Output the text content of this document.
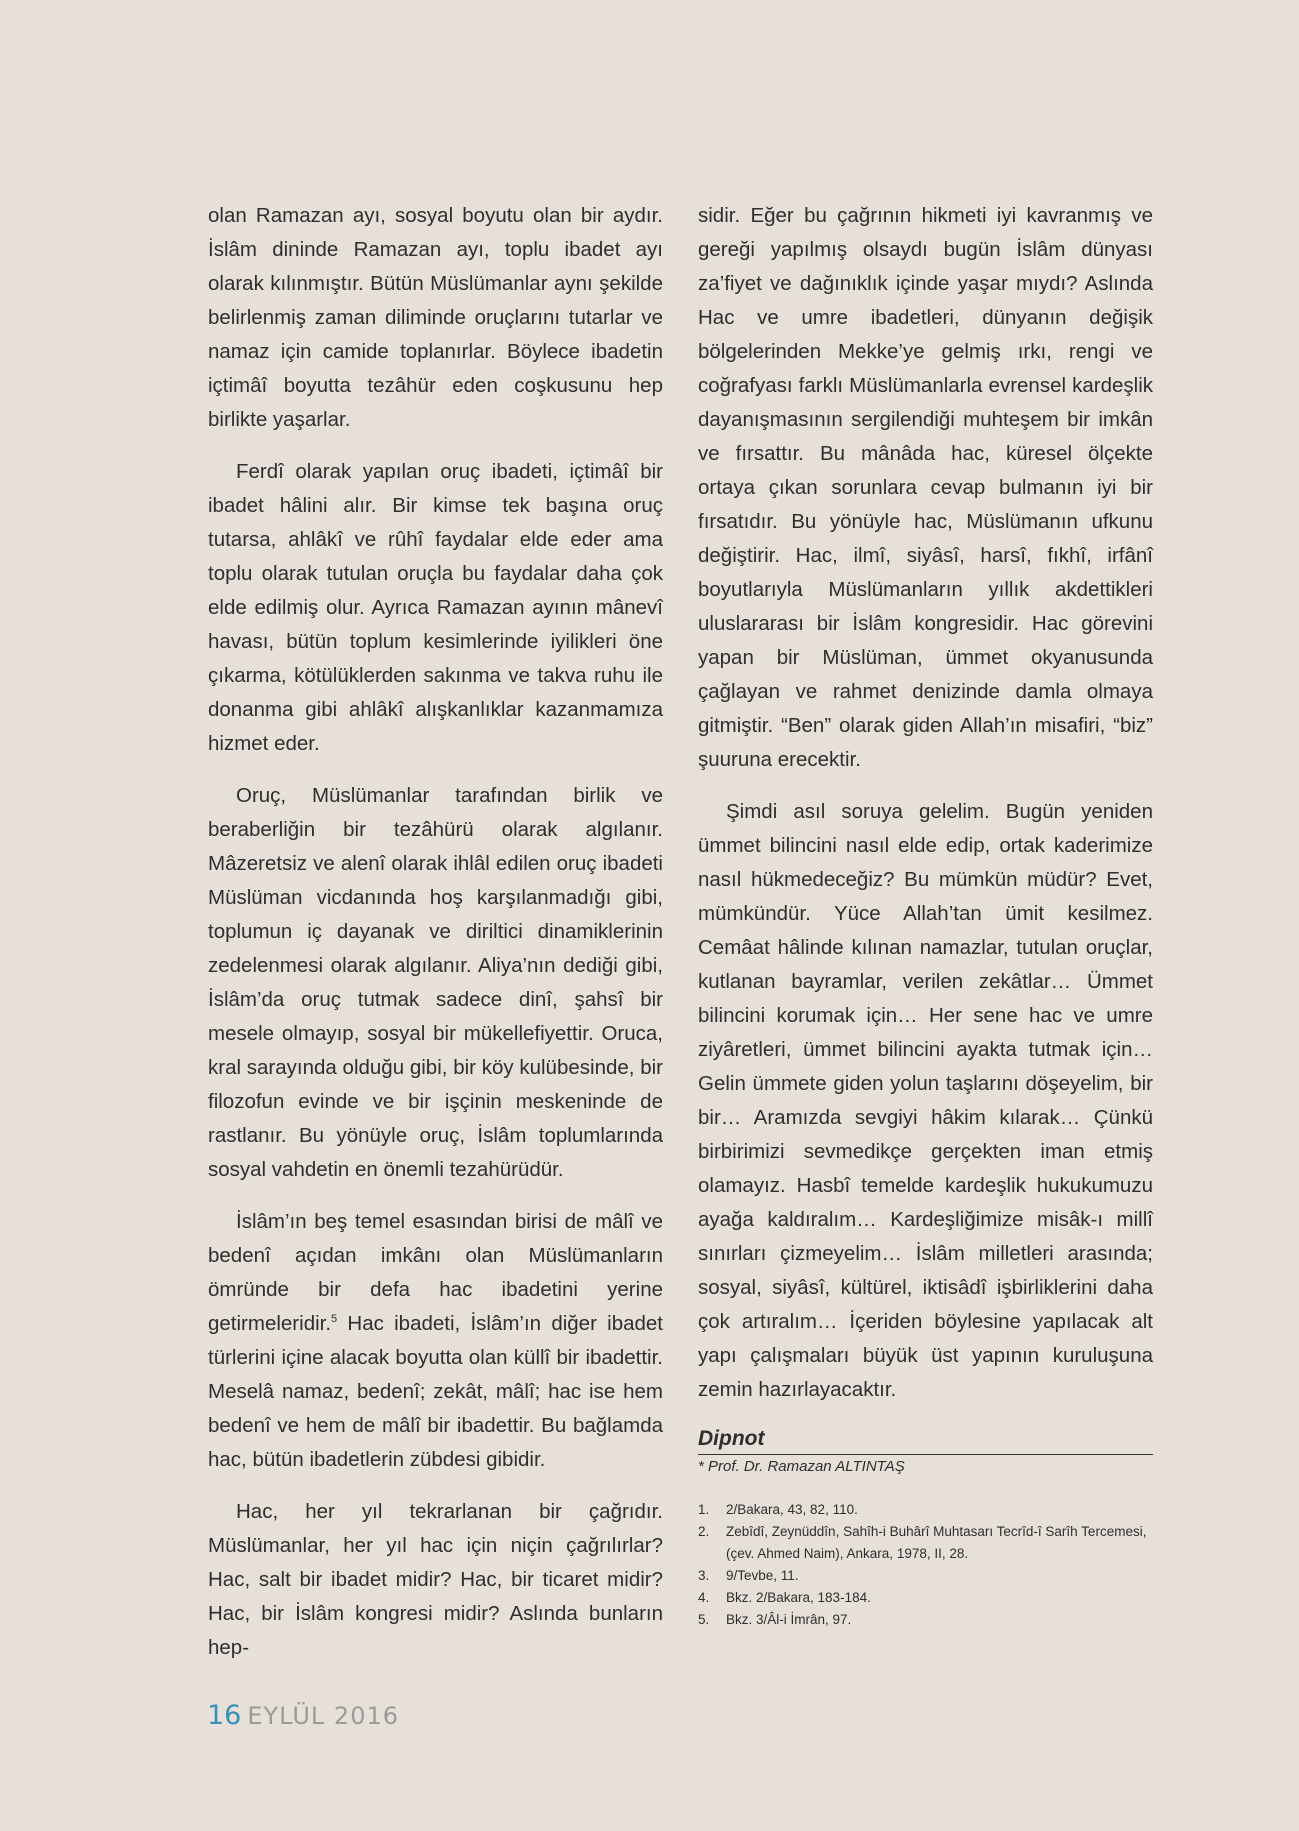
olan Ramazan ayı, sosyal boyutu olan bir aydır. İslâm dininde Ramazan ayı, toplu ibadet ayı olarak kılınmıştır. Bütün Müslümanlar aynı şekilde belirlenmiş zaman diliminde oruçlarını tutarlar ve namaz için camide toplanırlar. Böylece ibadetin içtimâî boyutta tezâhür eden coşkusunu hep birlikte yaşarlar.

Ferdî olarak yapılan oruç ibadeti, içtimâî bir ibadet hâlini alır. Bir kimse tek başına oruç tutarsa, ahlâkî ve rûhî faydalar elde eder ama toplu olarak tutulan oruçla bu faydalar daha çok elde edilmiş olur. Ayrıca Ramazan ayının mânevî havası, bütün toplum kesimlerinde iyilikleri öne çıkarma, kötülüklerden sakınma ve takva ruhu ile donanma gibi ahlâkî alışkanlıklar kazanmamıza hizmet eder.

Oruç, Müslümanlar tarafından birlik ve beraberliğin bir tezâhürü olarak algılanır. Mâzeretsiz ve alenî olarak ihlâl edilen oruç ibadeti Müslüman vicdanında hoş karşılanmadığı gibi, toplumun iç dayanak ve diriltici dinamiklerinin zedelenmesi olarak algılanır. Aliya’nın dediği gibi, İslâm’da oruç tutmak sadece dinî, şahsî bir mesele olmayıp, sosyal bir mükellefiyettir. Oruca, kral sarayında olduğu gibi, bir köy kulübesinde, bir filozofun evinde ve bir işçinin meskeninde de rastlanır. Bu yönüyle oruç, İslâm toplumlarında sosyal vahdetin en önemli tezahürüdür.

İslâm’ın beş temel esasından birisi de mâlî ve bedenî açıdan imkânı olan Müslümanların ömründe bir defa hac ibadetini yerine getirmeleridir.$^5$ Hac ibadeti, İslâm’ın diğer ibadet türlerini içine alacak boyutta olan küllî bir ibadettir. Meselâ namaz, bedenî; zekât, mâlî; hac ise hem bedenî ve hem de mâlî bir ibadettir. Bu bağlamda hac, bütün ibadetlerin zübdesi gibidir.

Hac, her yıl tekrarlanan bir çağrıdır. Müslümanlar, her yıl hac için niçin çağrılırlar? Hac, salt bir ibadet midir? Hac, bir ticaret midir? Hac, bir İslâm kongresi midir? Aslında bunların hep-

sidir. Eğer bu çağrının hikmeti iyi kavranmış ve gereği yapılmış olsaydı bugün İslâm dünyası za’fiyet ve dağınıklık içinde yaşar mıydı? Aslında Hac ve umre ibadetleri, dünyanın değişik bölgelerinden Mekke’ye gelmiş ırkı, rengi ve coğrafyası farklı Müslümanlarla evrensel kardeşlik dayanışmasının sergilendiği muhteşem bir imkân ve fırsattır. Bu mânâda hac, küresel ölçekte ortaya çıkan sorunlara cevap bulmanın iyi bir fırsatıdır. Bu yönüyle hac, Müslümanın ufkunu değiştirir. Hac, ilmî, siyâsî, harsî, fıkhî, irfânî boyutlarıyla Müslümanların yıllık akdettikleri uluslararası bir İslâm kongresidir. Hac görevini yapan bir Müslüman, ümmet okyanusunda çağlayan ve rahmet denizinde damla olmaya gitmiştir. “Ben” olarak giden Allah’ın misafiri, “biz” şuuruna erecektir.

Şimdi asıl soruya gelelim. Bugün yeniden ümmet bilincini nasıl elde edip, ortak kaderimize nasıl hükmedeceğiz? Bu mümkün müdür? Evet, mümkündür. Yüce Allah’tan ümit kesilmez. Cemâat hâlinde kılınan namazlar, tutulan oruçlar, kutlanan bayramlar, verilen zekâtlar… Ümmet bilincini korumak için… Her sene hac ve umre ziyâretleri, ümmet bilincini ayakta tutmak için… Gelin ümmete giden yolun taşlarını döşeyelim, bir bir… Aramızda sevgiyi hâkim kılarak… Çünkü birbirimizi sevmedikçe gerçekten iman etmiş olamayız. Hasbî temelde kardeşlik hukukumuzu ayağa kaldıralım… Kardeşliğimize misâk-ı millî sınırları çizmeyelim… İslâm milletleri arasında; sosyal, siyâsî, kültürel, iktisâdî işbirliklerini daha çok artıralım… İçeriden böylesine yapılacak alt yapı çalışmaları büyük üst yapının kuruluşuna zemin hazırlayacaktır.

Dipnot
* Prof. Dr. Ramazan ALTINTAŞ
1.	2/Bakara, 43, 82, 110.
2.	Zebîdî, Zeynüddîn, Sahîh-i Buhârî Muhtasarı Tecrîd-î Sarîh Tercemesi, (çev. Ahmed Naim), Ankara, 1978, II, 28.
3.	9/Tevbe, 11.
4.	Bkz. 2/Bakara, 183-184.
5.	Bkz. 3/Âl-i İmrân, 97.
16 EYLÜL 2016
